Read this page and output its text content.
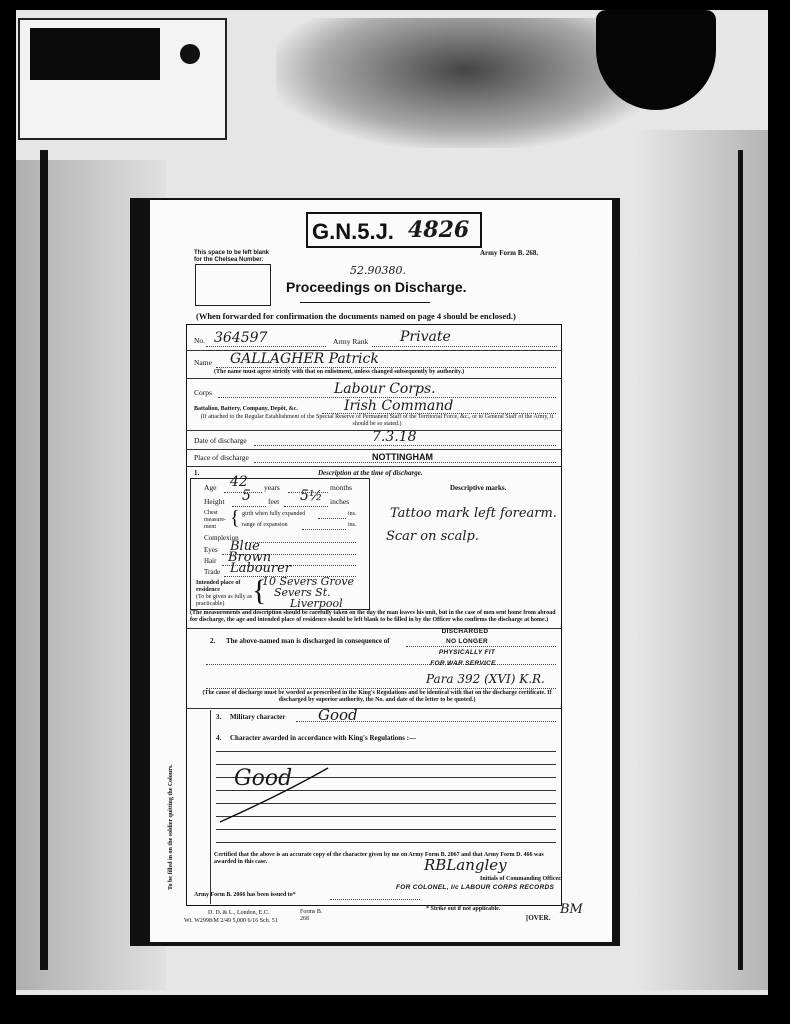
G.N.5.J. 4826
This space to be left blank for the Chelsea Number.
Army Form B. 268.
52.90380.
Proceedings on Discharge.
(When forwarded for confirmation the documents named on page 4 should be enclosed.)
No. 364597	Army Rank Private
Name GALLAGHER Patrick
(The name must agree strictly with that on enlistment, unless changed subsequently by authority.)
Corps	Labour Corps.
Battalion, Battery, Company, Depôt, &c.	Irish Command
(If attached to the Regular Establishment of the Special Reserve of Permanent Staff of the Territorial Force, &c., or to General Staff of the Army, it should be so stated.)
Date of discharge	7.3.18
Place of discharge	NOTTINGHAM
1.	Description at the time of discharge.
Descriptive marks.
Age 42 years	months
Height 5 feet 5½ inches
Chest measure- ment { girth when fully expanded	ins.
range of expansion	ins.
Complexion
Eyes Blue
Hair Brown
Trade Labourer
Intended place of residence
(To be given as fully as practicable) {
10 Severs Grove
Severs St.
Liverpool
Tattoo mark left forearm.
Scar on scalp.
(The measurements and description should be carefully taken on the day the man leaves his unit, but in the case of men sent home from abroad for discharge, the age and intended place of residence should be left blank to be filled in by the Officer who confirms the discharge at home.)
2. The above-named man is discharged in consequence of
DISCHARGED
NO LONGER
PHYSICALLY FIT
FOR WAR SERVICE
Para 392 (XVI) K.R.
(The cause of discharge must be worded as prescribed in the King's Regulations and be identical with that on the discharge certificate. If discharged by superior authority, the No. and date of the letter to be quoted.)
To be filled in on the soldier quitting the Colours.
3. Military character Good
4. Character awarded in accordance with King's Regulations :—
Good
Certified that the above is an accurate copy of the character given by me on Army Form B. 2067 and that Army Form D. 466 was awarded in this case.	RBLangley
Initials of Commanding Officer.
FOR COLONEL, I/c LABOUR CORPS RECORDS
Army Form B. 2066 has been issued to*
D. D. & L., London, E.C.
Wt. W2998/M 2/49 5,000 6/16 Sch. 51
Forms B. 268
* Strike out if not applicable.
[OVER.
BM
